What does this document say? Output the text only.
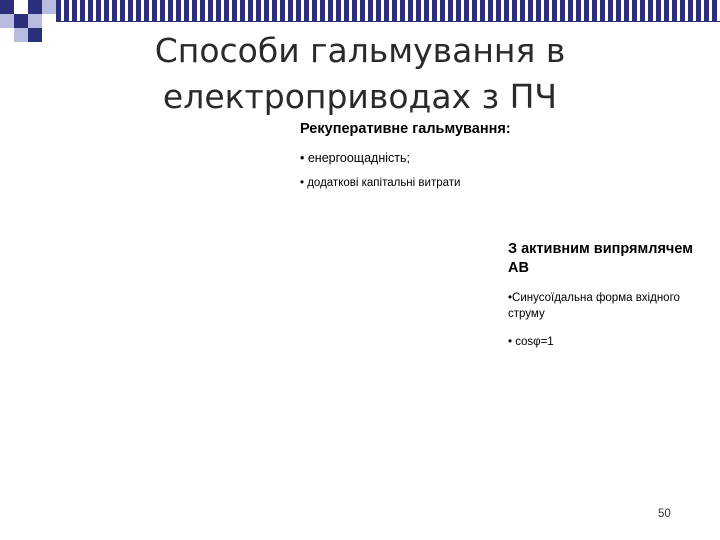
Способи гальмування в електроприводах з ПЧ
Рекуперативне гальмування:
• енергоощадність;
• додаткові капітальні витрати
З активним випрямлячем АВ
•Синусоїдальна форма вхідного струму
• cosφ=1
50
